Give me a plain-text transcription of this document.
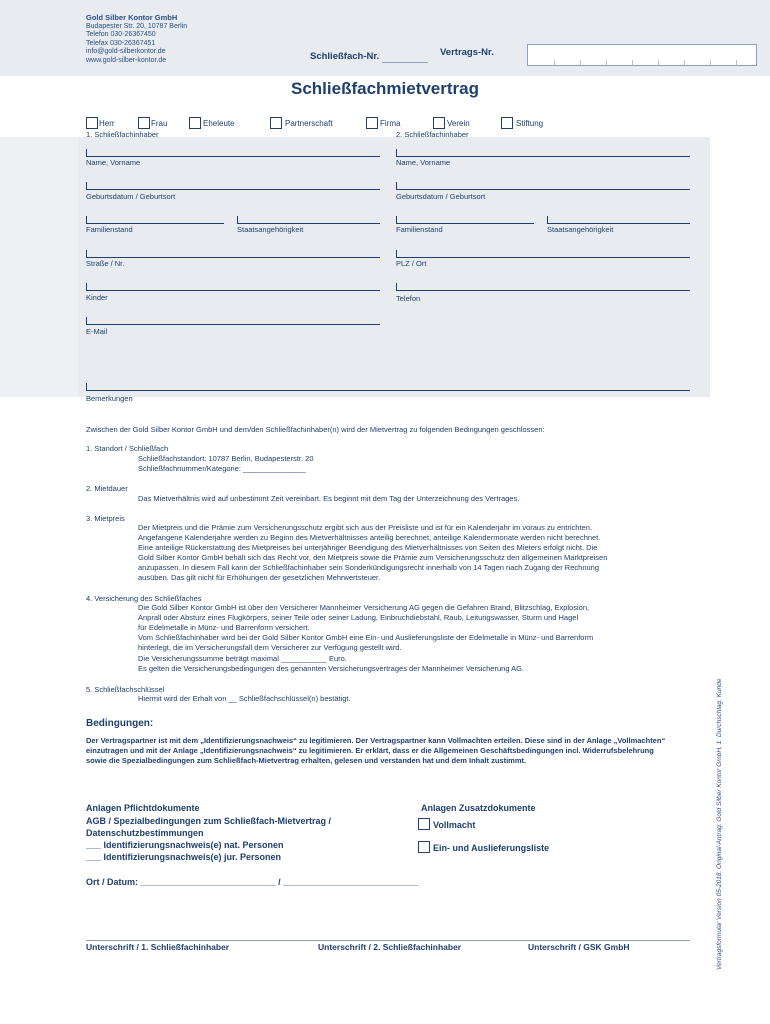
Gold Silber Kontor GmbH
Budapester Str. 20, 10787 Berlin
Telefon 030-26367450
Telefax 030-26367451
info@gold-silberkontor.de
www.gold-silber-kontor.de	Schließfach-Nr.	Vertrags-Nr.
Schließfachmietvertrag
Herr	Frau	Eheleute	Partnerschaft	Firma	Verein	Stiftung
1. Schließfachinhaber	2. Schließfachinhaber
Name, Vorname	Name, Vorname
Geburtsdatum / Geburtsort	Geburtsdatum / Geburtsort
Familienstand	Staatsangehörigkeit	Familienstand	Staatsangehörigkeit
Straße / Nr.	PLZ / Ort
Kinder	Telefon
E-Mail
Bemerkungen
Zwischen der Gold Silber Kontor GmbH und dem/den Schließfachinhaber(n) wird der Mietvertrag zu folgenden Bedingungen geschlossen:
1. Standort / Schließfach
Schließfachstandort: 10787 Berlin, Budapesterstr. 20
Schließfachnummer/Kategorie: _______________
2. Mietdauer
Das Mietverhältnis wird auf unbestimmt Zeit vereinbart. Es beginnt mit dem Tag der Unterzeichnung des Vertrages.
3. Mietpreis
Der Mietpreis und die Prämie zum Versicherungsschutz ergibt sich aus der Preisliste und ist für ein Kalenderjahr im voraus zu entrichten.
Angefangene Kalenderjahre werden zu Beginn des Mietverhältnisses anteilig berechnet, anteilige Kalendermonate werden nicht berechnet.
Eine anteilige Rückerstattung des Mietpreises bei unterjähriger Beendigung des Mietverhältnisses von Seiten des Mieters erfolgt nicht. Die
Gold Silber Kontor GmbH behält sich das Recht vor, den Mietpreis sowie die Prämie zum Versicherungsschutz den allgemeinen Marktpreisen
anzupassen. In diesem Fall kann der Schließfachinhaber sein Sonderkündigungsrecht innerhalb von 14 Tagen nach Zugang der Rechnung
ausüben. Das gilt nicht für Erhöhungen der gesetzlichen Mehrwertsteuer.
4. Versicherung des Schließfaches
Die Gold Silber Kontor GmbH ist über den Versicherer Mannheimer Versicherung AG gegen die Gefahren Brand, Blitzschlag, Explosion,
Anprall oder Absturz eines Flugkörpers, seiner Teile oder seiner Ladung, Einbruchdiebstahl, Raub, Leitungswasser, Sturm und Hagel
für Edelmetalle in Münz- und Barrenform versichert.
Vom Schließfachinhaber wird bei der Gold Silber Kontor GmbH eine Ein- und Auslieferungsliste der Edelmetalle in Münz- und Barrenform
hinterlegt, die im Versicherungsfall dem Versicherer zur Verfügung gestellt wird.
Die Versicherungssumme beträgt maximal ___________ Euro.
Es gelten die Versicherungsbedingungen des genannten Versicherungsvertrages der Mannheimer Versicherung AG.
5. Schließfachschlüssel
Hiermit wird der Erhalt von __ Schließfachschlüssel(n) bestätigt.
Bedingungen:
Der Vertragspartner ist mit dem „Identifizierungsnachweis“ zu legitimieren. Der Vertragspartner kann Vollmachten erteilen. Diese sind in der Anlage „Vollmachten“ einzutragen und mit der Anlage „Identifizierungsnachweis“ zu legitimieren. Er erklärt, dass er die Allgemeinen Geschäftsbedingungen incl. Widerrufsbelehrung sowie die Spezialbedingungen zum Schließfach-Mietvertrag erhalten, gelesen und verstanden hat und dem Inhalt zustimmt.
Anlagen Pflichtdokumente
AGB / Spezialbedingungen zum Schließfach-Mietvertrag /
Datenschutzbestimmungen
___ Identifizierungsnachweis(e) nat. Personen
___ Identifizierungsnachweis(e) jur. Personen
Anlagen Zusatzdokumente
Vollmacht
Ein- und Auslieferungsliste
Ort / Datum: ___________________________ / ___________________________
Unterschrift / 1. Schließfachinhaber	Unterschrift / 2. Schließfachinhaber	Unterschrift / GSK GmbH	Vertragsformular Version 05-2018, Original-Antrag: Gold Silber Kontor GmbH, 1. Durchschlag: Kunde
